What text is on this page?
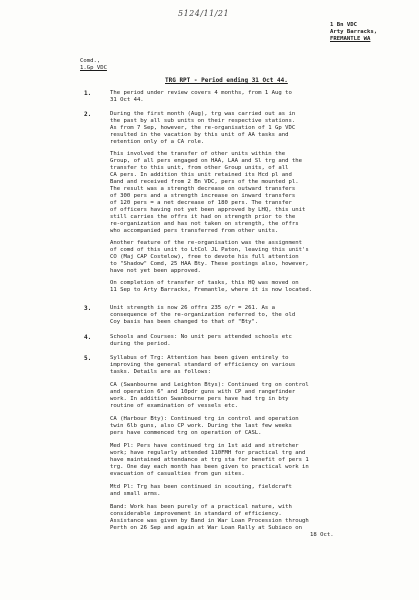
5124/11/21
1 Bn VDC
Arty Barracks,
FREMANTLE WA
Comd.,
1.Gp VDC
TRG RPT - Period ending 31 Oct 44.
1.	The period under review covers 4 months, from 1 Aug to
31 Oct 44.
2.	During the first month (Aug), trg was carried out as in
the past by all sub units on their respective stations.
As from 7 Sep, however, the re-organisation of 1 Gp VDC
resulted in the vacation by this unit of AA tasks and
retention only of a CA role.
This involved the transfer of other units within the
Group, of all pers engaged on HAA, LAA and Sl trg and the
transfer to this unit, from other Group units, of all
CA pers. In addition this unit retained its Hcd pl and
Band and received from 2 Bn VDC, pers of the mounted pl.
The result was a strength decrease on outward transfers
of 300 pers and a strength increase on inward transfers
of 120 pers = a net decrease of 180 pers. The transfer
of officers having not yet been approved by LHQ, this unit
still carries the offrs it had on strength prior to the
re-organization and has not taken on strength, the offrs
who accompanied pers transferred from other units.
Another feature of the re-organisation was the assignment
of comd of this unit to LtCol JL Paton, leaving this unit's
CO (Maj CAP Costelow), free to devote his full attention
to "Shadow" Comd, 25 HAA Bty. These postings also, however,
have not yet been approved.
On completion of transfer of tasks, this HQ was moved on
11 Sep to Arty Barracks, Fremantle, where it is now located.
3.	Unit strength is now 26 offrs 235 o/r = 261. As a
consequence of the re-organization referred to, the old
Coy basis has been changed to that of "Bty".
4.	Schools and Courses: No unit pers attended schools etc
during the period.
5.	Syllabus of Trg: Attention has been given entirely to
improving the general standard of efficiency on various
tasks. Details are as follows:
CA (Swanbourne and Leighton Btys): Continued trg on control
and operation 6" and 10pdr guns with CP and rangefinder
work. In addition Swanbourne pers have had trg in bty
routine of examination of vessels etc.
CA (Harbour Bty): Continued trg in control and operation
twin 6lb guns, also CP work. During the last few weeks
pers have commenced trg on operation of CASL.
Med Pl: Pers have continued trg in 1st aid and stretcher
work; have regularly attended 110FMH for practical trg and
have maintained attendance at trg sta for benefit of pers 1
trg. One day each month has been given to practical work in
evacuation of casualties from gun sites.
Mtd Pl: Trg has been continued in scouting, fieldcraft
and small arms.
Band: Work has been purely of a practical nature, with
considerable improvement in standard of efficiency.
Assistance was given by Band in War Loan Procession through
Perth on 26 Sep and again at War Loan Rally at Subiaco on
18 Oct.
